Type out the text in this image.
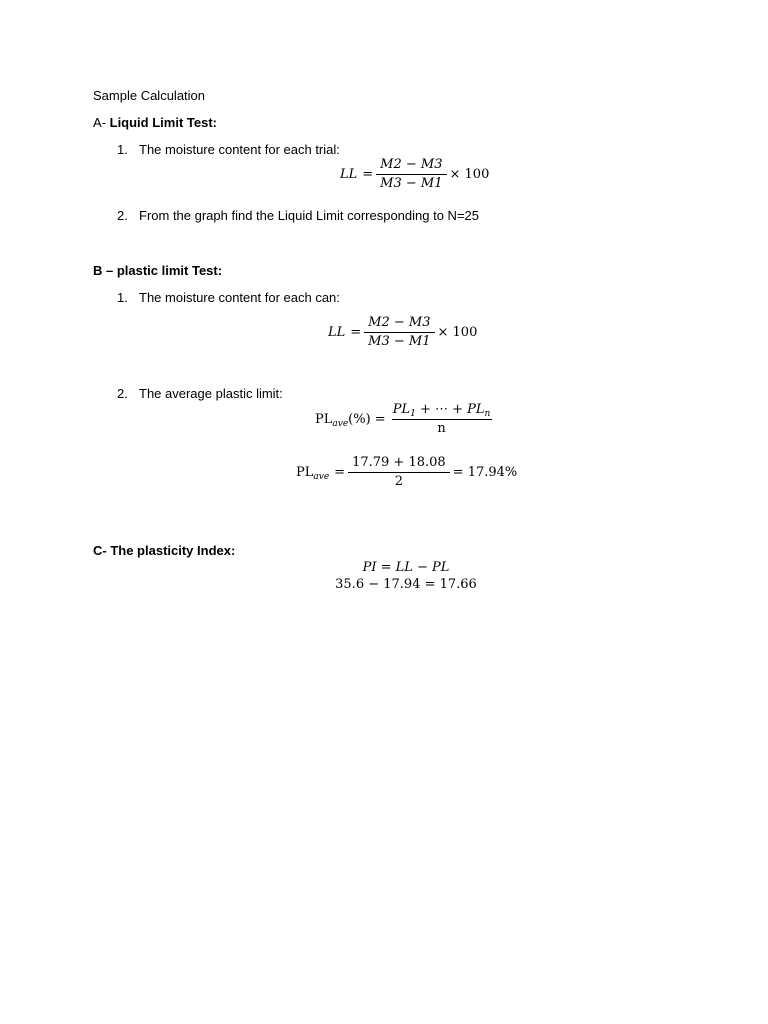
Sample Calculation
A- Liquid Limit Test:
1. The moisture content for each trial:
LL = $\frac{M2 - M3}{M3 - M1} \times 100$
2. From the graph find the Liquid Limit corresponding to N=25
B – plastic limit Test:
1. The moisture content for each can:
LL = $\frac{M2 - M3}{M3 - M1} \times 100$
2. The average plastic limit:
$PL_{ave}(\%) = \frac{PL_1 + \cdots + PL_n}{n}$
$PL_{ave} = \frac{17.79 + 18.08}{2} = 17.94\%$
C- The plasticity Index:
PI = LL − PL
35.6 − 17.94 = 17.66
